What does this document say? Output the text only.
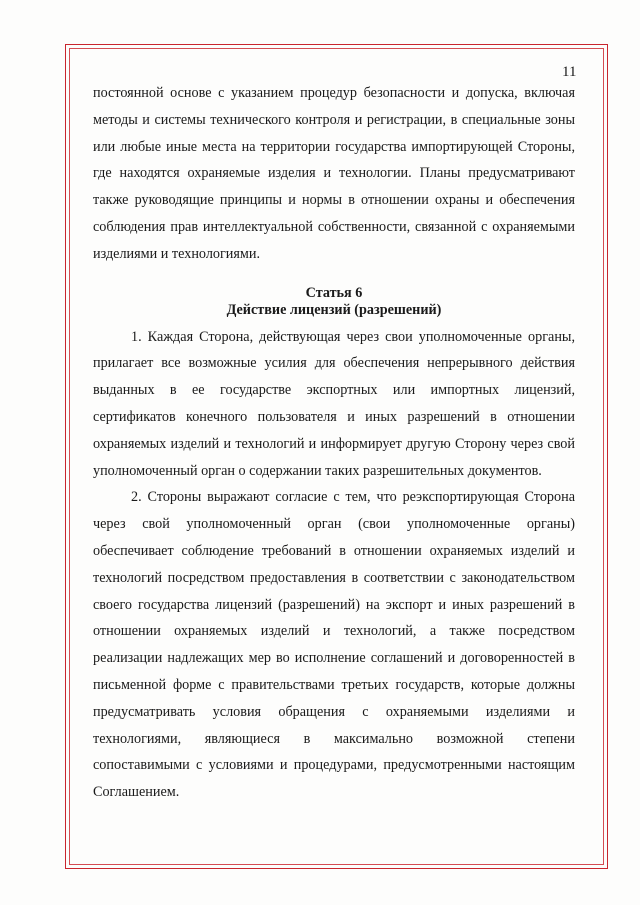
11

постоянной основе с указанием процедур безопасности и допуска, включая методы и системы технического контроля и регистрации, в специальные зоны или любые иные места на территории государства импортирующей Стороны, где находятся охраняемые изделия и технологии. Планы предусматривают также руководящие принципы и нормы в отношении охраны и обеспечения соблюдения прав интеллектуальной собственности, связанной с охраняемыми изделиями и технологиями.

Статья 6

Действие лицензий (разрешений)

1. Каждая Сторона, действующая через свои уполномоченные органы, прилагает все возможные усилия для обеспечения непрерывного действия выданных в ее государстве экспортных или импортных лицензий, сертификатов конечного пользователя и иных разрешений в отношении охраняемых изделий и технологий и информирует другую Сторону через свой уполномоченный орган о содержании таких разрешительных документов.

2. Стороны выражают согласие с тем, что реэкспортирующая Сторона через свой уполномоченный орган (свои уполномоченные органы) обеспечивает соблюдение требований в отношении охраняемых изделий и технологий посредством предоставления в соответствии с законодательством своего государства лицензий (разрешений) на экспорт и иных разрешений в отношении охраняемых изделий и технологий, а также посредством реализации надлежащих мер во исполнение соглашений и договоренностей в письменной форме с правительствами третьих государств, которые должны предусматривать условия обращения с охраняемыми изделиями и технологиями, являющиеся в максимально возможной степени сопоставимыми с условиями и процедурами, предусмотренными настоящим Соглашением.
